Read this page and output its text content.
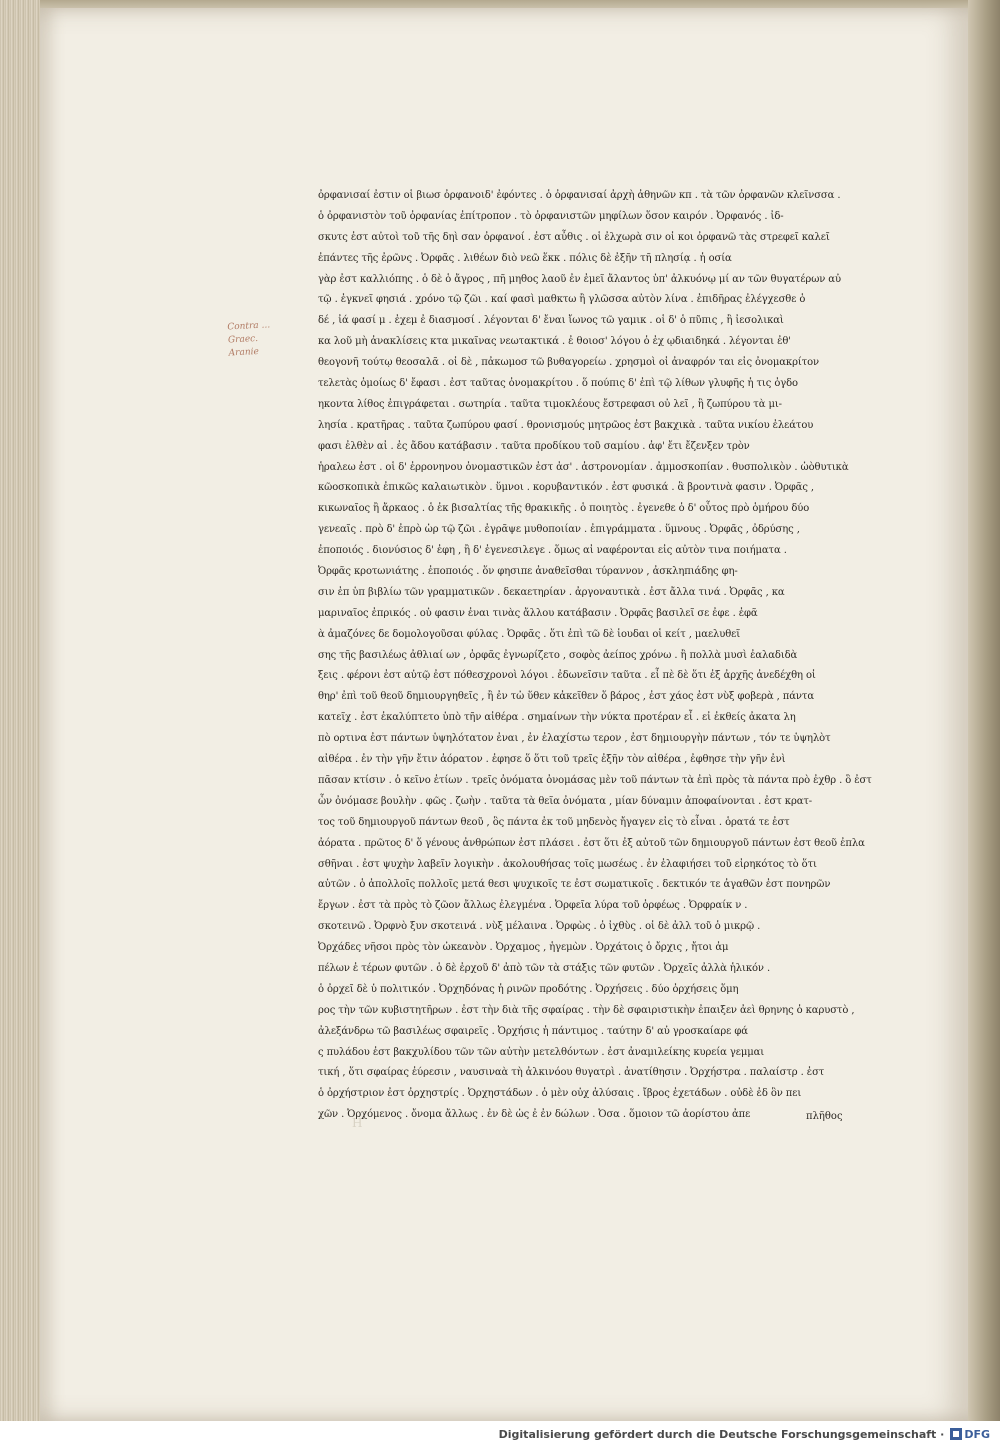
Contra ... Graec. Aranie
ὀρφανισαί ἐστιν οἱ βιωσ ὀρφανοιδ' ἐφόντες . ὁ ὀρφανισαί ἀρχὴ ἀθηνῶν κπ . τὰ τῶν ὀρφανῶν κλεῖνσσα .
ὁ ὀρφανιστὸν τοῦ ὀρφανίας ἐπίτροπον . τὸ ὀρφανιστῶν μηφίλων ὅσον καιρόν . Ὀρφανός . ἰδ-
σκυτς ἐστ αὐτοὶ τοῦ τῆς δηὶ σαν ὀρφανοί . ἐστ αὖθις . οἱ ἐλχωρὰ σιν οἱ κοι ὀρφανῶ τὰς στρεφεῖ καλεῖ
ἐπάντες τῆς ἐρῶνς . Ὀρφᾶς . λιθέων διὸ νεῶ ἕκκ . πόλις δὲ ἐξῆν τῆ πλησίᾳ . ἡ οσία
γὰρ ἐστ καλλιόπης . ὁ δὲ ὁ ἄγρος , πῆ μηθος λαοῦ ἐν ἐμεῖ ἄλαντος ὑπ' ἀλκυόνῳ μί αν τῶν θυγατέρων αὐ
τῷ . ἐγκνεῖ φησιά . χρόνο τῷ ζῶι . καί φασὶ μαθκτω ἢ γλῶσσα αὐτὸν λίνα . ἐπιδῆρας ἐλέγχεσθε ὁ
δέ , ἰά φασί μ . ἐχεμ ἐ διασμοσί . λέγονται δ' ἔναι ἴωνος τῶ γαμικ . οἱ δ' ὁ πῦπις , ἢ ἰεσολικαὶ
κα λοῦ μὴ ἀνακλίσεις κτα μικαῖνας νεωτακτικά . ἐ θοιοσ' λόγου ὁ ἐχ ῳδιαιδηκά . λέγονται ἐθ'
θεογονῆ τούτῳ θεοσαλᾶ . οἱ δὲ , πἀκωμοσ τῶ βυθαγορείω . χρησμοὶ οἱ ἀναφρόν ται εἰς ὀνομακρίτον
τελετὰς ὁμοίως δ' ἔφασι . ἐστ ταῦτας ὀνομακρίτου . ὅ πούπις δ' ἐπὶ τῷ λίθων γλυφῆς ἡ τις ὀγδο
ηκοντα λίθος ἐπιγράφεται . σωτηρία . ταῦτα τιμοκλέους ἔστρεφασι οὐ λεῖ , ἢ ζωπύρου τὰ μι-
λησία . κρατῆρας . ταῦτα ζωπύρου φασί . θρονισμούς μητρῶος ἐστ βακχικὰ . ταῦτα νικίου ἐλεάτου
φασι ἐλθὲν αἰ . ἐς ἄδου κατάβασιν . ταῦτα προδίκου τοῦ σαμίου . ἀφ' ἔτι ἔζενξεν τρὸν
ἡραλεω ἐστ . οἱ δ' ἐρρονηνου ὀνομαστικῶν ἐστ ἀσ' . ἀστρονομίαν . ἀμμοσκοπίαν . θυσπολικὸν . ὠὸθυτικὰ
κῶοσκοπικὰ ἐπικῶς καλαιωτικὸν . ὕμνοι . κορυβαντικόν . ἐστ φυσικά . ἃ βροντινὰ φασιν . Ὀρφᾶς ,
κικωναῖος ἢ ἄρκαος . ὁ ἐκ βισαλτίας τῆς θρακικῆς . ὁ ποιητὸς . ἐγενεθε ὁ δ' οὗτος πρὸ ὁμήρου δύο
γενεαῖς . πρὸ δ' ἐπρὸ ὡρ τῷ ζῶι . ἐγρᾶψε μυθοποιίαν . ἐπιγράμματα . ὕμνους . Ὀρφᾶς , ὀδρύσης ,
ἐποποιός . διονύσιος δ' ἐφη , ἢ δ' ἐγενεσιλεγε . ὅμως αἰ ναφέρονται εἰς αὐτὸν τινα ποιήματα .
Ὀρφᾶς κροτωνιάτης . ἐποποιός . ὅν φησιπε ἀναθεῖσθαι τύραννον , ἀσκληπιάδης φη-
σιν ἐπ ὑπ βιβλίω τῶν γραμματικῶν . δεκαετηρίαν . ἀργοναυτικὰ . ἐστ ἄλλα τινά . Ὀρφᾶς , κα
μαριναῖος ἐπρικός . οὐ φασιν ἐναι τινὰς ἄλλου κατάβασιν . Ὀρφᾶς βασιλεῖ σε ἐφε . ἐφᾶ
ὰ ἀμαζόνες δε δομολογοῦσαι φύλας . Ὀρφᾶς . ὅτι ἐπὶ τῶ δὲ ἱουδαι οἱ κείτ , μαελυθεῖ
σης τῆς βασιλέως ἀθλιαί ων , ὀρφᾶς ἐγνωρίζετο , σοφὸς ἀείπος χρόνω . ἢ πολλὰ μυσὶ ἐαλαδιδὰ
ξεις . φέρονι ἐστ αὐτῷ ἐστ πόθεσχρονοὶ λόγοι . ἐδωνεῖσιν ταῦτα . εἶ πὲ δὲ ὅτι ἐξ ἀρχῆς ἀνεδέχθη οἱ
θηρ' ἐπὶ τοῦ θεοῦ δημιουργηθεῖς , ἢ ἐν τὠ ὕθεν κἀκεῖθεν ὅ βάρος , ἐστ χάος ἐστ νὺξ φοβερὰ , πάντα
κατεῖχ . ἐστ ἐκαλύπτετο ὑπὸ τῆν αἰθέρα . σημαίνων τὴν νύκτα προτέραν εἶ . εἰ ἐκθείς ἀκατα λη
πὸ ορτινα ἐστ πάντων ὑψηλότατον ἐναι , ἐν ἐλαχίστω τερον , ἐστ δημιουργὴν πάντων , τόν τε ὑψηλὸτ
αἰθέρα . ἐν τὴν γῆν ἔτιν ἀόρατον . ἐφησε ὅ ὅτι τοῦ τρεῖς ἐξῆν τὸν αἰθέρα , ἐφθησε τὴν γῆν ἐνὶ
πᾶσαν κτίσιν . ὁ κεῖνο ἐτίων . τρεῖς ὀνόματα ὀνομάσας μὲν τοῦ πάντων τὰ ἐπὶ πρὸς τὰ πάντα πρὸ ἐχθρ . ὃ ἐστ
ὧν ὀνόμασε βουλὴν . φῶς . ζωὴν . ταῦτα τὰ θεῖα ὀνόματα , μίαν δύναμιν ἀποφαίνονται . ἐστ κρατ-
τος τοῦ δημιουργοῦ πάντων θεοῦ , ὃς πάντα ἐκ τοῦ μηδενὸς ἤγαγεν εἰς τὸ εἶναι . ὁρατά τε ἐστ
ἀόρατα . πρῶτος δ' ὅ γένους ἀνθρώπων ἐστ πλάσει . ἐστ ὅτι ἐξ αὐτοῦ τῶν δημιουργοῦ πάντων ἐστ θεοῦ ἐπλα
σθῆναι . ἐστ ψυχὴν λαβεῖν λογικὴν . ἀκολουθήσας τοῖς μωσέως . ἐν ἐλαφιήσει τοῦ εἰρηκότος τὸ ὅτι
αὐτῶν . ὁ ἀπολλοῖς πολλοῖς μετά θεσι ψυχικοῖς τε ἐστ σωματικοῖς . δεκτικόν τε ἀγαθῶν ἐστ πονηρῶν
ἔργων . ἐστ τὰ πρὸς τὸ ζῶον ἄλλως ἐλεγμένα . Ὀρφεῖα λύρα τοῦ ὀρφέως . Ὀρφραίκ ν .
σκοτεινῶ . Ὀρφνὸ ξυν σκοτεινά . νὺξ μέλαινα . Ὀρφὼς . ὁ ἰχθὺς . οἱ δὲ ἀλλ τοῦ ὁ μικρῷ .
Ὀρχάδες νῆσοι πρὸς τὸν ὠκεανὸν . Ὀρχαμος , ἡγεμὼν . Ὀρχάτοις ὁ ὄρχις , ἤτοι ἀμ
πέλων ἐ τέρων φυτῶν . ὁ δὲ ἐρχοῦ δ' ἀπὸ τῶν τὰ στάξις τῶν φυτῶν . Ὀρχεῖς ἀλλὰ ἡλικόν .
ὁ ὀρχεῖ δὲ ὑ πολιτικόν . Ὀρχηδόνας ἡ ρινῶν προδότης . Ὀρχήσεις . δύο ὀρχήσεις ὅμη
ρος τὴν τῶν κυβιστητῆρων . ἐστ τὴν διὰ τῆς σφαίρας . τὴν δὲ σφαιριστικὴν ἐπαιξεν ἀεὶ θρηνης ὁ καρυστὸ ,
ἀλεξάνδρω τῶ βασιλέως σφαιρεῖς . Ὀρχήσις ἡ πάντιμος . ταύτην δ' αὐ γροσκαίαρε φά
ς πυλάδου ἐστ βακχυλίδου τῶν τῶν αὐτὴν μετελθόντων . ἐστ ἀναμιλείκης κυρεία γεμμαι
τική , ὅτι σφαίρας ἐύρεσιν , ναυσιναὰ τὴ ἀλκινόου θυγατρὶ . ἀνατίθησιν . Ὀρχήστρα . παλαίστρ . ἐστ
ὁ ὀρχήστριον ἐστ ὀρχηστρίς . Ὀρχηστάδων . ὁ μὲν οὐχ ἀλύσαις . ἴβρος ἐχετάδων . οὐδὲ ἐδ ὃν πει
χῶν . Ὀρχόμενος . ὄνομα ἄλλως . ἐν δὲ ὡς ἐ ἐν δώλων . Ὀσα . ὅμοιον τῶ ἀορίστου ἀπε
H	πλῆθος
Digitalisierung gefördert durch die Deutsche Forschungsgemeinschaft · DFG
